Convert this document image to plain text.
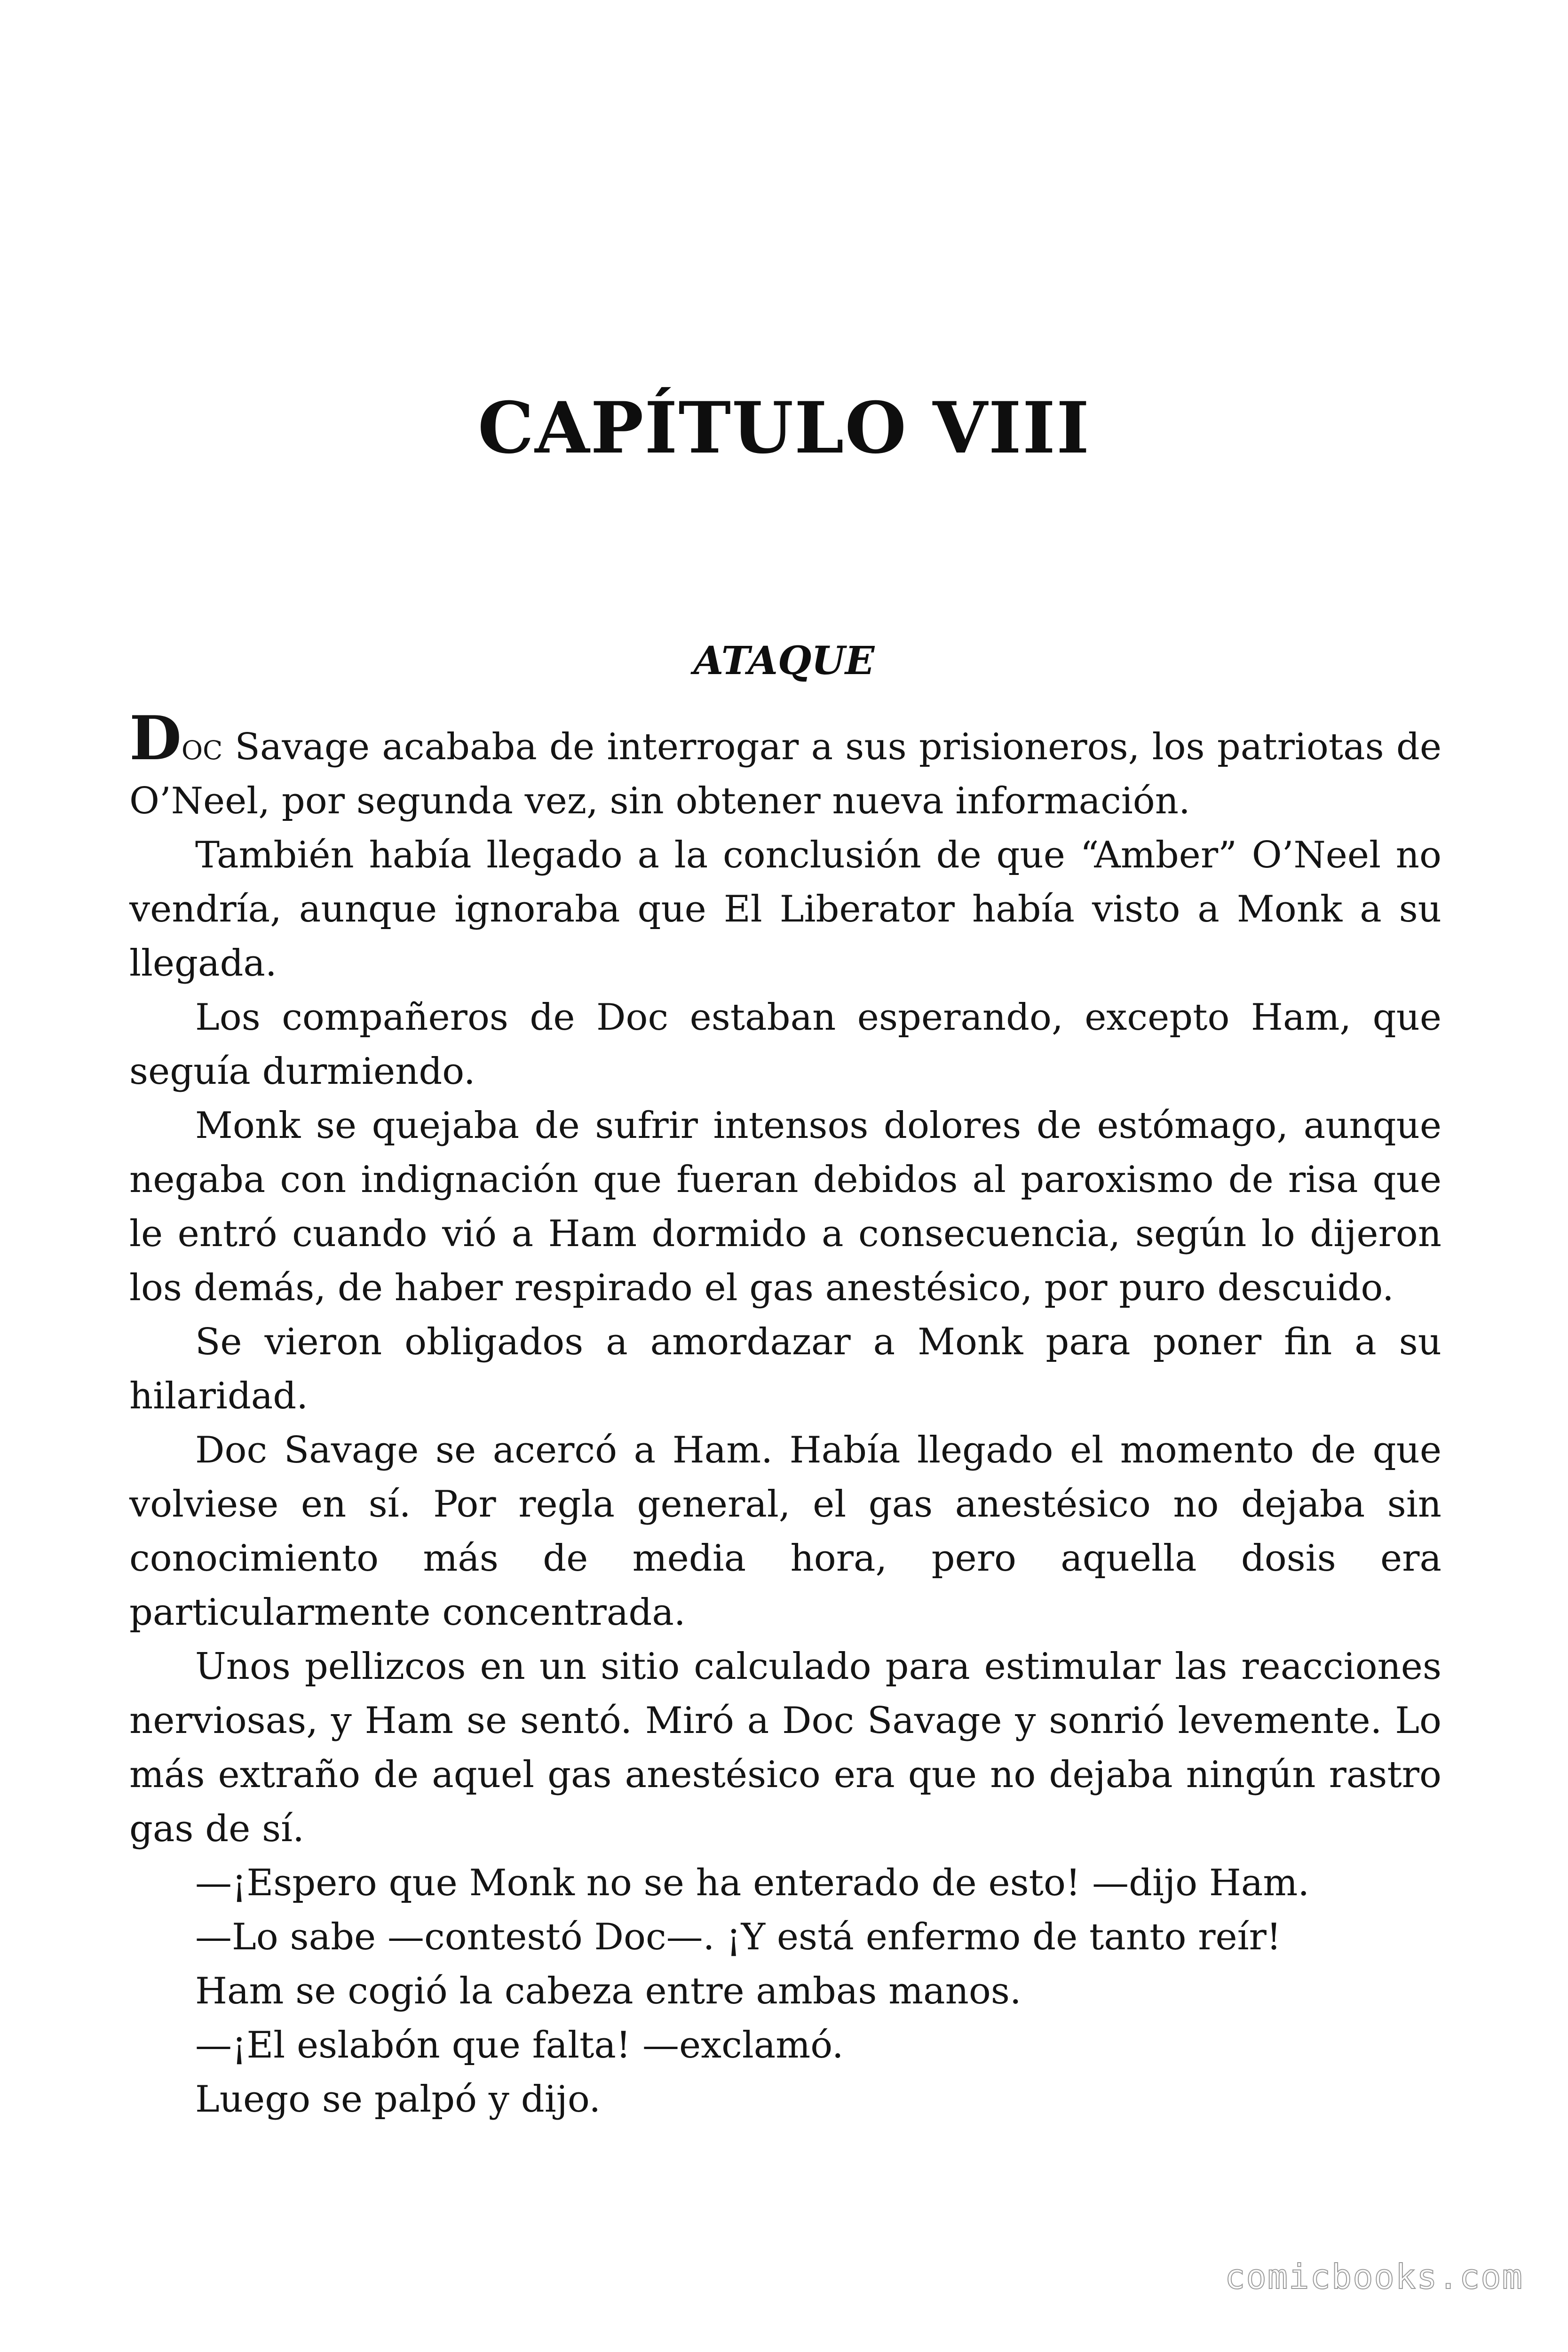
CAPÍTULO VIII
ATAQUE

Doc Savage acababa de interrogar a sus prisioneros, los patriotas de O’Neel, por segunda vez, sin obtener nueva información.

También había llegado a la conclusión de que “Amber” O’Neel no vendría, aunque ignoraba que El Liberator había visto a Monk a su llegada.

Los compañeros de Doc estaban esperando, excepto Ham, que seguía durmiendo.

Monk se quejaba de sufrir intensos dolores de estómago, aunque negaba con indignación que fueran debidos al paroxismo de risa que le entró cuando vió a Ham dormido a consecuencia, según lo dijeron los demás, de haber respirado el gas anestésico, por puro descuido.

Se vieron obligados a amordazar a Monk para poner fin a su hilaridad.

Doc Savage se acercó a Ham. Había llegado el momento de que volviese en sí. Por regla general, el gas anestésico no dejaba sin conocimiento más de media hora, pero aquella dosis era particularmente concentrada.

Unos pellizcos en un sitio calculado para estimular las reacciones nerviosas, y Ham se sentó. Miró a Doc Savage y sonrió levemente. Lo más extraño de aquel gas anestésico era que no dejaba ningún rastro gas de sí.

—¡Espero que Monk no se ha enterado de esto! —dijo Ham.

—Lo sabe —contestó Doc—. ¡Y está enfermo de tanto reír!

Ham se cogió la cabeza entre ambas manos.

—¡El eslabón que falta! —exclamó.

Luego se palpó y dijo.

comicbooks.com
